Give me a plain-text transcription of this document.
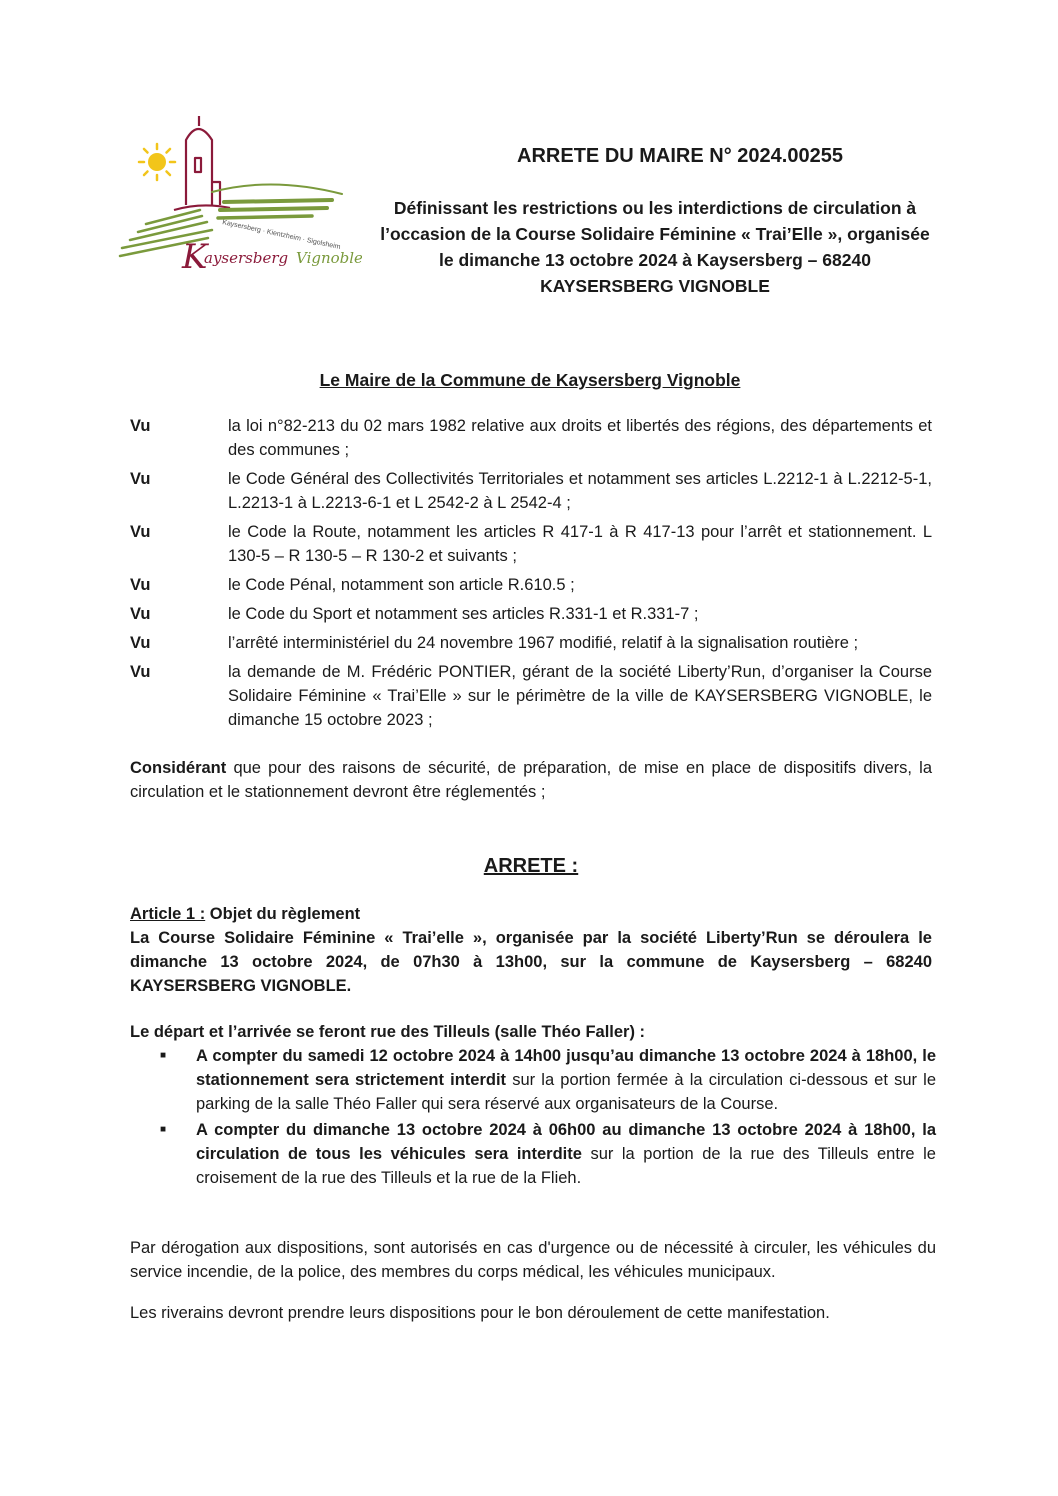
Kaysersberg · Kientzheim · Sigolsheim
K
aysersberg Vignoble
ARRETE DU MAIRE N° 2024.00255
Définissant les restrictions ou les interdictions de circulation à l’occasion de la Course Solidaire Féminine « Trai’Elle », organisée le dimanche 13 octobre 2024 à Kaysersberg – 68240 KAYSERSBERG VIGNOBLE
Le Maire de la Commune de Kaysersberg Vignoble
Vu	la loi n°82-213 du 02 mars 1982 relative aux droits et libertés des régions, des départements et des communes ;
Vu	le Code Général des Collectivités Territoriales et notamment ses articles L.2212-1 à L.2212-5-1, L.2213-1 à L.2213-6-1 et L 2542-2 à L 2542-4 ;
Vu	le Code la Route, notamment les articles R 417-1 à R 417-13 pour l’arrêt et stationnement. L 130-5 – R 130-5 – R 130-2 et suivants ;
Vu	le Code Pénal, notamment son article R.610.5 ;
Vu	le Code du Sport et notamment ses articles R.331-1 et R.331-7 ;
Vu	l’arrêté interministériel du 24 novembre 1967 modifié, relatif à la signalisation routière ;
Vu	la demande de M. Frédéric PONTIER, gérant de la société Liberty’Run, d’organiser la Course Solidaire Féminine « Trai’Elle » sur le périmètre de la ville de KAYSERSBERG VIGNOBLE, le dimanche 15 octobre 2023 ;
Considérant que pour des raisons de sécurité, de préparation, de mise en place de dispositifs divers, la circulation et le stationnement devront être réglementés ;
ARRETE :
Article 1 : Objet du règlement
La Course Solidaire Féminine « Trai’elle », organisée par la société Liberty’Run se déroulera le dimanche 13 octobre 2024, de 07h30 à 13h00, sur la commune de Kaysersberg – 68240 KAYSERSBERG VIGNOBLE.
Le départ et l’arrivée se feront rue des Tilleuls (salle Théo Faller) :
■	A compter du samedi 12 octobre 2024 à 14h00 jusqu’au dimanche 13 octobre 2024 à 18h00, le stationnement sera strictement interdit sur la portion fermée à la circulation ci-dessous et sur le parking de la salle Théo Faller qui sera réservé aux organisateurs de la Course.
■	A compter du dimanche 13 octobre 2024 à 06h00 au dimanche 13 octobre 2024 à 18h00, la circulation de tous les véhicules sera interdite sur la portion de la rue des Tilleuls entre le croisement de la rue des Tilleuls et la rue de la Flieh.
Par dérogation aux dispositions, sont autorisés en cas d'urgence ou de nécessité à circuler, les véhicules du service incendie, de la police, des membres du corps médical, les véhicules municipaux.
Les riverains devront prendre leurs dispositions pour le bon déroulement de cette manifestation.
